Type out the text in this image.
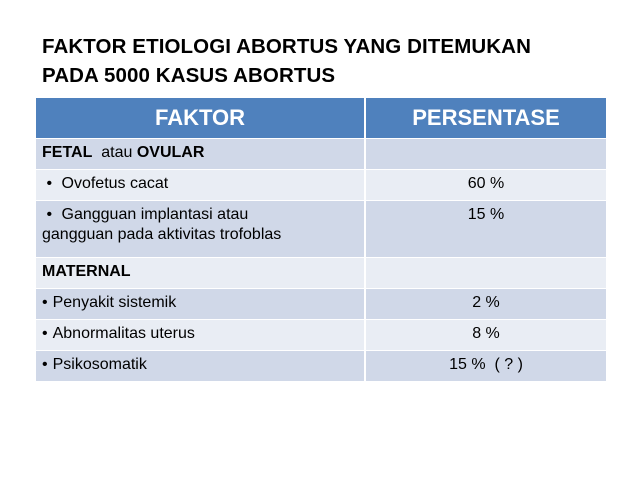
FAKTOR ETIOLOGI ABORTUS YANG DITEMUKAN
PADA 5000 KASUS ABORTUS
FAKTOR	PERSENTASE
FETAL atau OVULAR	
• Ovofetus cacat	60 %
• Gangguan implantasi atau
gangguan pada aktivitas trofoblas	15 %
MATERNAL	
• Penyakit sistemik	2 %
• Abnormalitas uterus	8 %
• Psikosomatik	15 %  ( ? )
